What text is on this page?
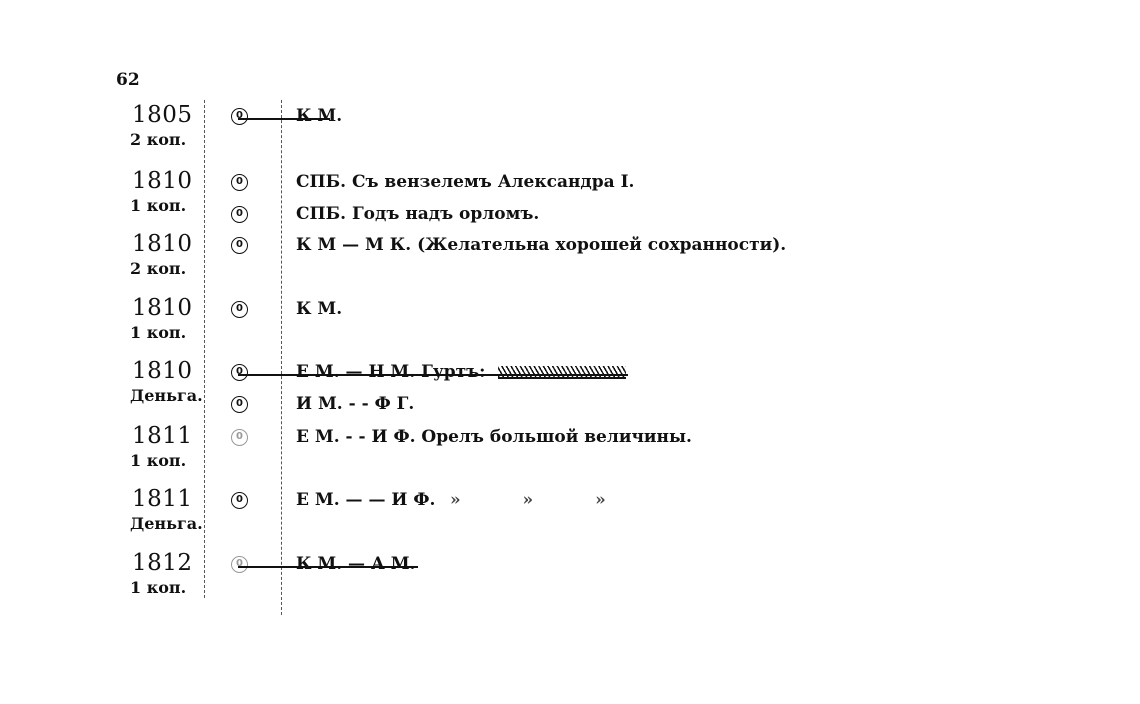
62
1805
2 коп.
0	К М.
1810
1 коп.
0	СПБ. Съ вензелемъ Александра I.
0	СПБ. Годъ надъ орломъ.
1810
2 коп.
0	К М — М К. (Желательна хорошей сохранности).
1810
1 коп.
0	К М.
1810
Деньга.
0	Е М. — Н М. Гуртъ:
0	И М. - - Ф Г.
1811
1 коп.
0	Е М. - - И Ф. Орелъ большой величины.
1811
Деньга.
0	Е М. — — И Ф. » » »
1812
1 коп.
0	К М. — А М.
